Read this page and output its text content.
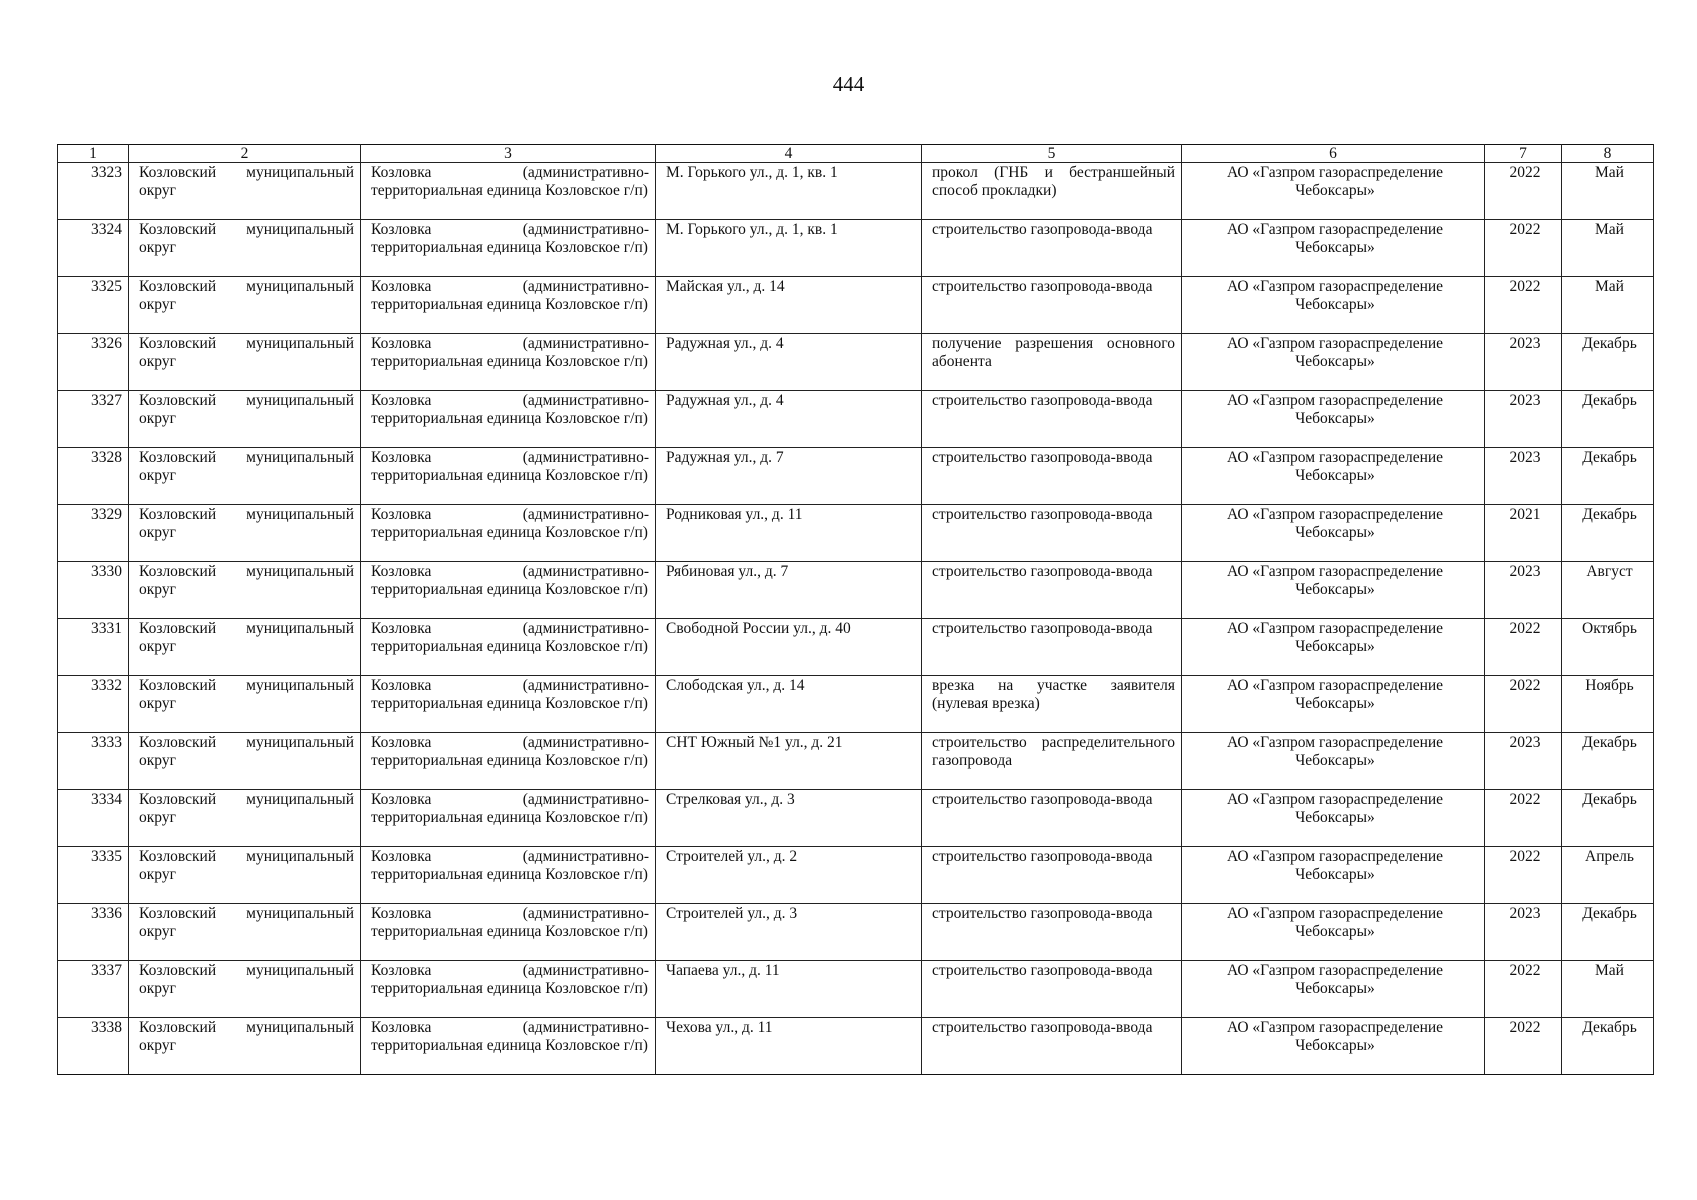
444
1	2	3	4	5	6	7	8
3323	Козловский муниципальный округ	Козловка (административно-территориальная единица Козловское г/п)	М. Горького ул., д. 1, кв. 1	прокол (ГНБ и бестраншейный способ прокладки)	АО «Газпром газораспределение Чебоксары»	2022	Май
3324	Козловский муниципальный округ	Козловка (административно-территориальная единица Козловское г/п)	М. Горького ул., д. 1, кв. 1	строительство газопровода-ввода	АО «Газпром газораспределение Чебоксары»	2022	Май
3325	Козловский муниципальный округ	Козловка (административно-территориальная единица Козловское г/п)	Майская ул., д. 14	строительство газопровода-ввода	АО «Газпром газораспределение Чебоксары»	2022	Май
3326	Козловский муниципальный округ	Козловка (административно-территориальная единица Козловское г/п)	Радужная ул., д. 4	получение разрешения основного абонента	АО «Газпром газораспределение Чебоксары»	2023	Декабрь
3327	Козловский муниципальный округ	Козловка (административно-территориальная единица Козловское г/п)	Радужная ул., д. 4	строительство газопровода-ввода	АО «Газпром газораспределение Чебоксары»	2023	Декабрь
3328	Козловский муниципальный округ	Козловка (административно-территориальная единица Козловское г/п)	Радужная ул., д. 7	строительство газопровода-ввода	АО «Газпром газораспределение Чебоксары»	2023	Декабрь
3329	Козловский муниципальный округ	Козловка (административно-территориальная единица Козловское г/п)	Родниковая ул., д. 11	строительство газопровода-ввода	АО «Газпром газораспределение Чебоксары»	2021	Декабрь
3330	Козловский муниципальный округ	Козловка (административно-территориальная единица Козловское г/п)	Рябиновая ул., д. 7	строительство газопровода-ввода	АО «Газпром газораспределение Чебоксары»	2023	Август
3331	Козловский муниципальный округ	Козловка (административно-территориальная единица Козловское г/п)	Свободной России ул., д. 40	строительство газопровода-ввода	АО «Газпром газораспределение Чебоксары»	2022	Октябрь
3332	Козловский муниципальный округ	Козловка (административно-территориальная единица Козловское г/п)	Слободская ул., д. 14	врезка на участке заявителя (нулевая врезка)	АО «Газпром газораспределение Чебоксары»	2022	Ноябрь
3333	Козловский муниципальный округ	Козловка (административно-территориальная единица Козловское г/п)	СНТ Южный №1 ул., д. 21	строительство распределительного газопровода	АО «Газпром газораспределение Чебоксары»	2023	Декабрь
3334	Козловский муниципальный округ	Козловка (административно-территориальная единица Козловское г/п)	Стрелковая ул., д. 3	строительство газопровода-ввода	АО «Газпром газораспределение Чебоксары»	2022	Декабрь
3335	Козловский муниципальный округ	Козловка (административно-территориальная единица Козловское г/п)	Строителей ул., д. 2	строительство газопровода-ввода	АО «Газпром газораспределение Чебоксары»	2022	Апрель
3336	Козловский муниципальный округ	Козловка (административно-территориальная единица Козловское г/п)	Строителей ул., д. 3	строительство газопровода-ввода	АО «Газпром газораспределение Чебоксары»	2023	Декабрь
3337	Козловский муниципальный округ	Козловка (административно-территориальная единица Козловское г/п)	Чапаева ул., д. 11	строительство газопровода-ввода	АО «Газпром газораспределение Чебоксары»	2022	Май
3338	Козловский муниципальный округ	Козловка (административно-территориальная единица Козловское г/п)	Чехова ул., д. 11	строительство газопровода-ввода	АО «Газпром газораспределение Чебоксары»	2022	Декабрь
